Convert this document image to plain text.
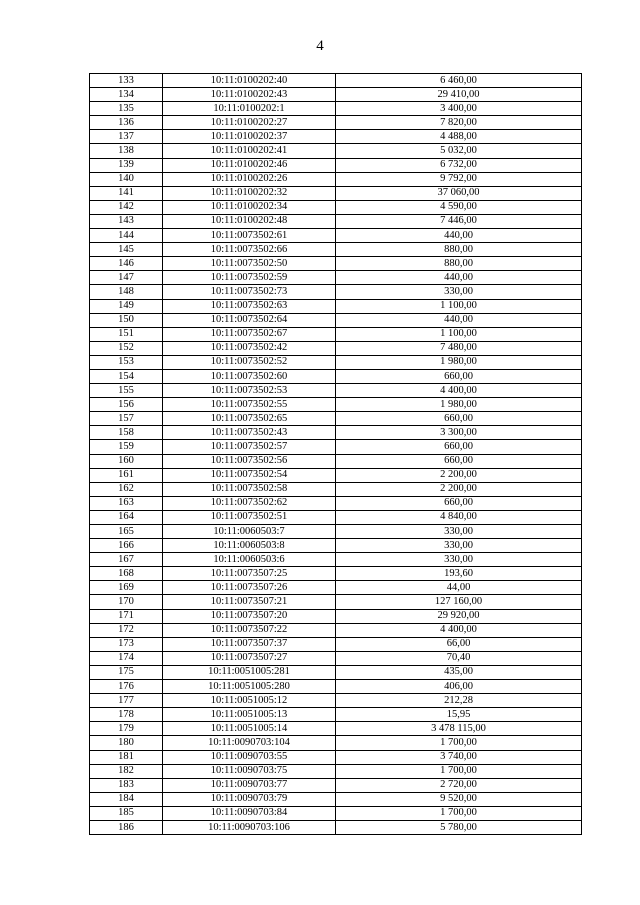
4
133	10:11:0100202:40	6 460,00
134	10:11:0100202:43	29 410,00
135	10:11:0100202:1	3 400,00
136	10:11:0100202:27	7 820,00
137	10:11:0100202:37	4 488,00
138	10:11:0100202:41	5 032,00
139	10:11:0100202:46	6 732,00
140	10:11:0100202:26	9 792,00
141	10:11:0100202:32	37 060,00
142	10:11:0100202:34	4 590,00
143	10:11:0100202:48	7 446,00
144	10:11:0073502:61	440,00
145	10:11:0073502:66	880,00
146	10:11:0073502:50	880,00
147	10:11:0073502:59	440,00
148	10:11:0073502:73	330,00
149	10:11:0073502:63	1 100,00
150	10:11:0073502:64	440,00
151	10:11:0073502:67	1 100,00
152	10:11:0073502:42	7 480,00
153	10:11:0073502:52	1 980,00
154	10:11:0073502:60	660,00
155	10:11:0073502:53	4 400,00
156	10:11:0073502:55	1 980,00
157	10:11:0073502:65	660,00
158	10:11:0073502:43	3 300,00
159	10:11:0073502:57	660,00
160	10:11:0073502:56	660,00
161	10:11:0073502:54	2 200,00
162	10:11:0073502:58	2 200,00
163	10:11:0073502:62	660,00
164	10:11:0073502:51	4 840,00
165	10:11:0060503:7	330,00
166	10:11:0060503:8	330,00
167	10:11:0060503:6	330,00
168	10:11:0073507:25	193,60
169	10:11:0073507:26	44,00
170	10:11:0073507:21	127 160,00
171	10:11:0073507:20	29 920,00
172	10:11:0073507:22	4 400,00
173	10:11:0073507:37	66,00
174	10:11:0073507:27	70,40
175	10:11:0051005:281	435,00
176	10:11:0051005:280	406,00
177	10:11:0051005:12	212,28
178	10:11:0051005:13	15,95
179	10:11:0051005:14	3 478 115,00
180	10:11:0090703:104	1 700,00
181	10:11:0090703:55	3 740,00
182	10:11:0090703:75	1 700,00
183	10:11:0090703:77	2 720,00
184	10:11:0090703:79	9 520,00
185	10:11:0090703:84	1 700,00
186	10:11:0090703:106	5 780,00
